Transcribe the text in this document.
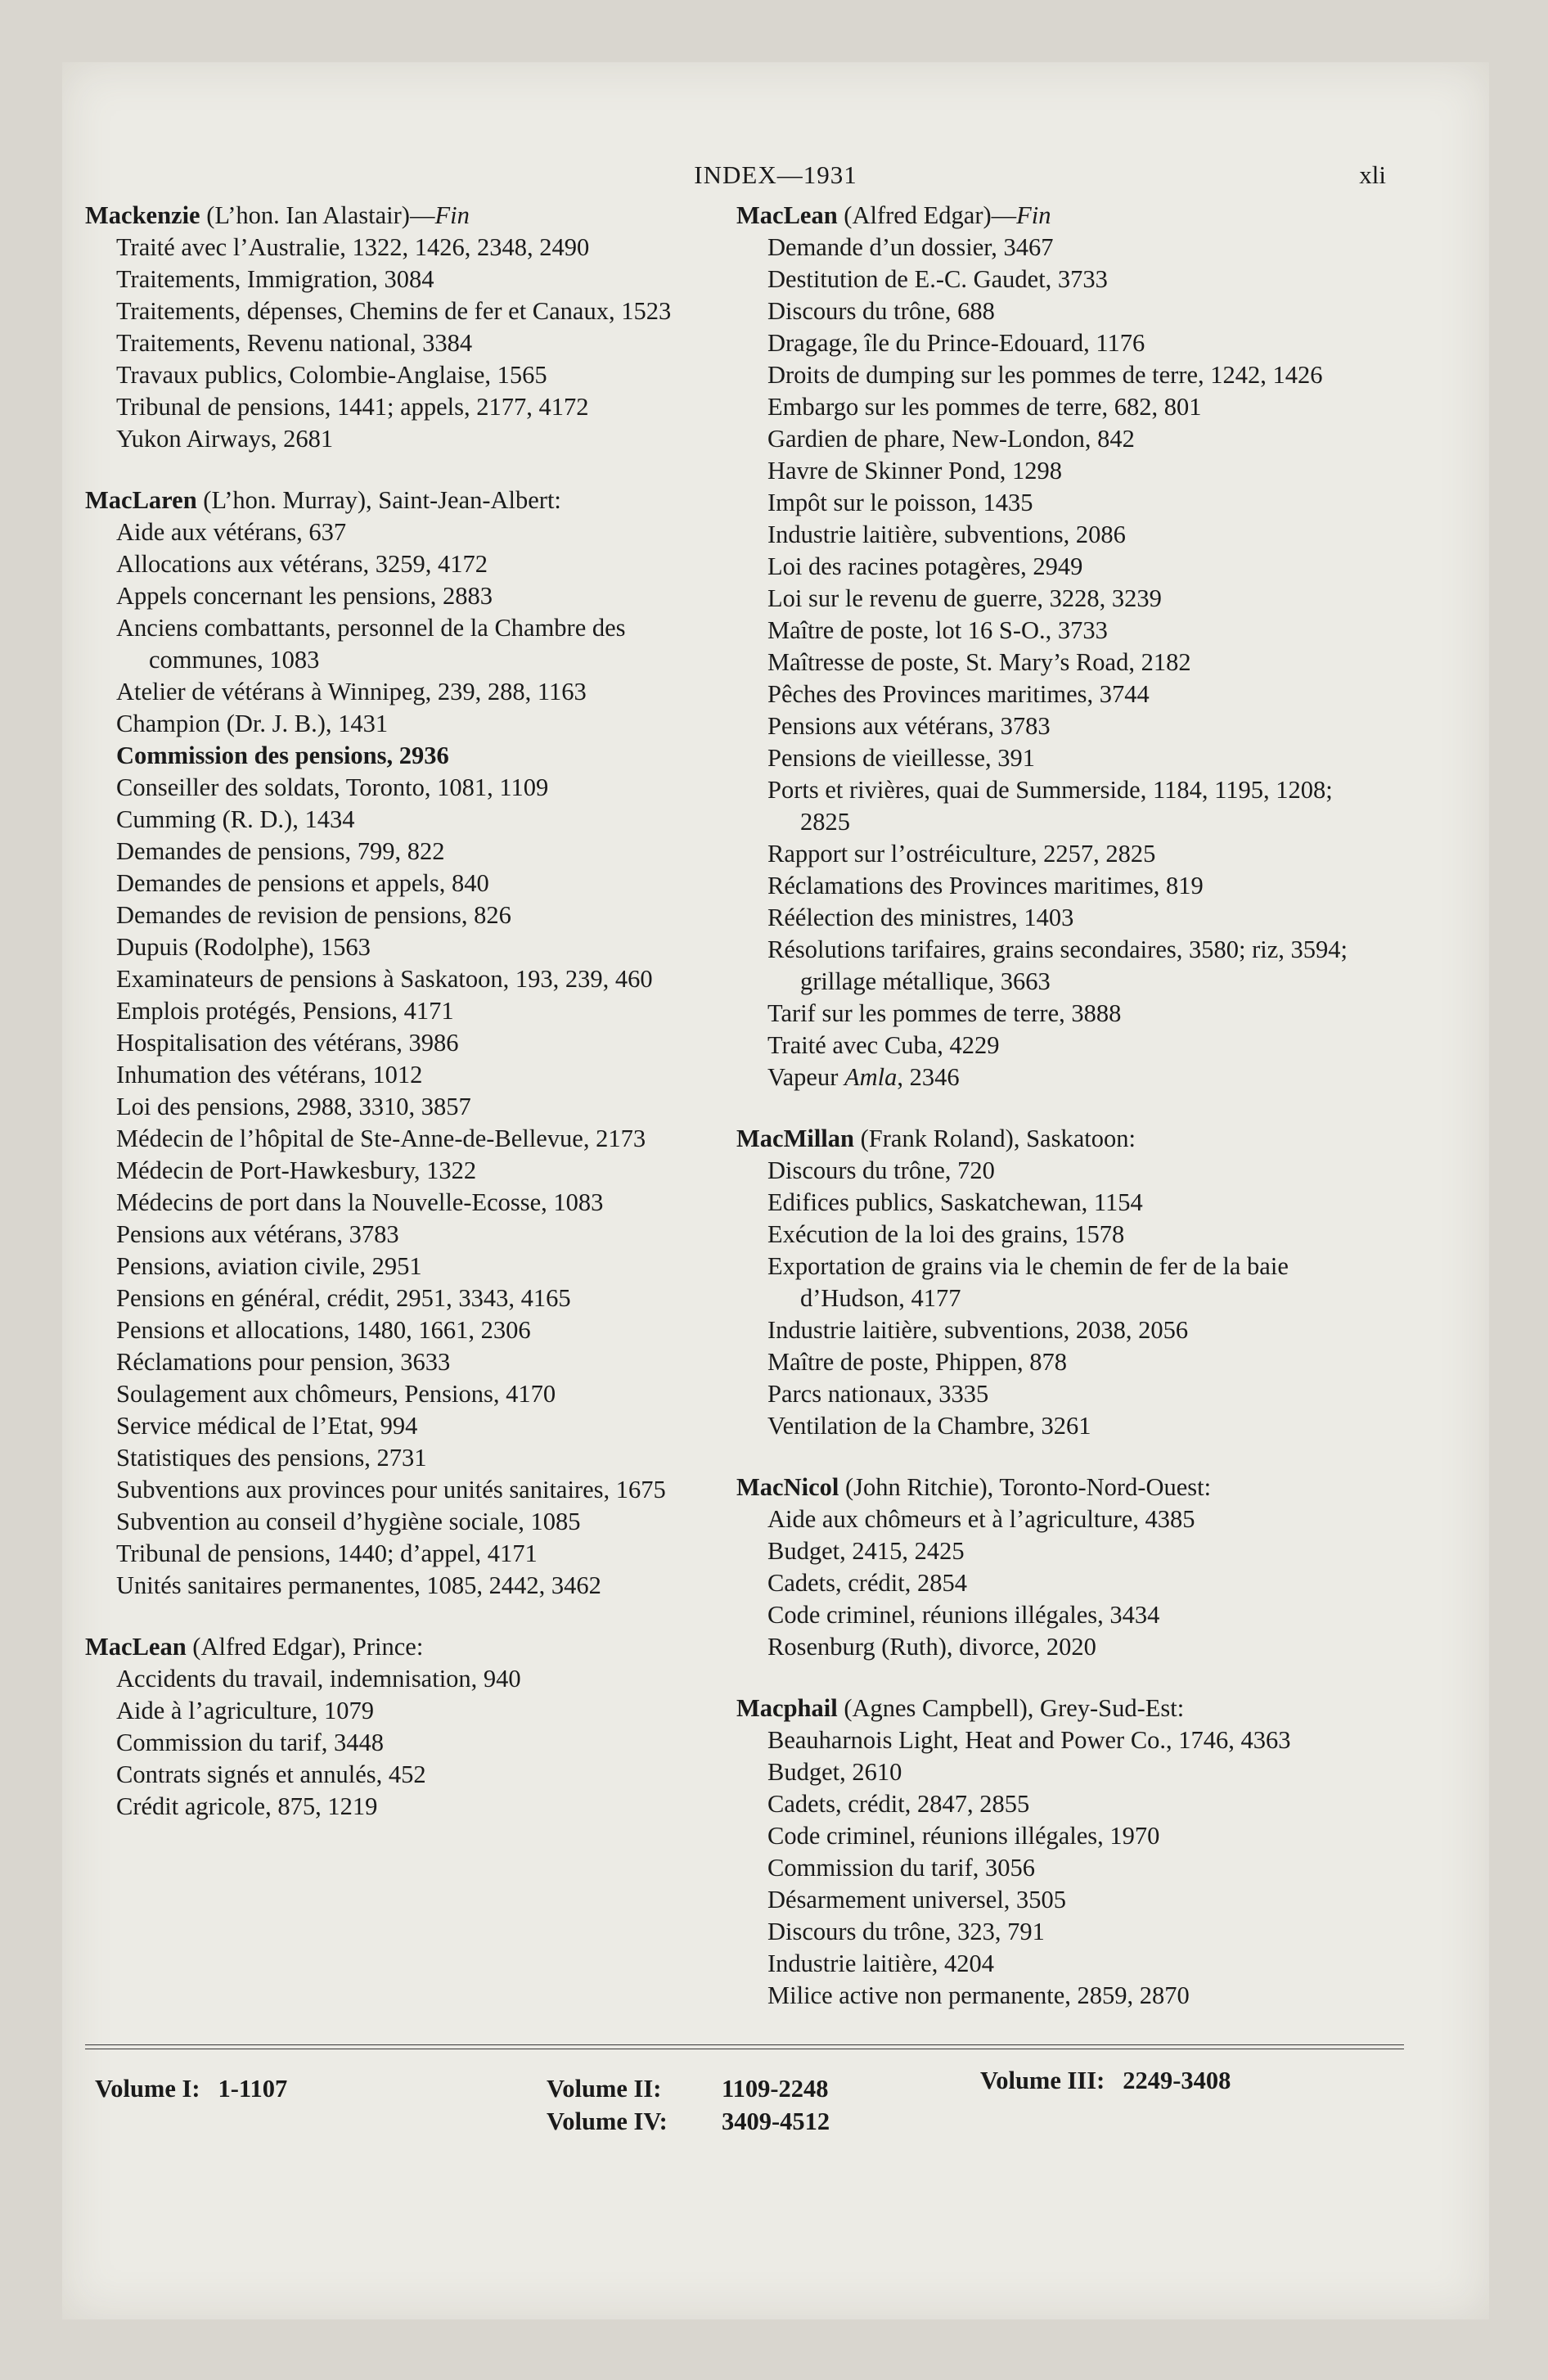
INDEX—1931	xli
Mackenzie (L’hon. Ian Alastair)—Fin
Traité avec l’Australie, 1322, 1426, 2348, 2490
Traitements, Immigration, 3084
Traitements, dépenses, Chemins de fer et Canaux, 1523
Traitements, Revenu national, 3384
Travaux publics, Colombie-Anglaise, 1565
Tribunal de pensions, 1441; appels, 2177, 4172
Yukon Airways, 2681
MacLaren (L’hon. Murray), Saint-Jean-Albert:
Aide aux vétérans, 637
Allocations aux vétérans, 3259, 4172
Appels concernant les pensions, 2883
Anciens combattants, personnel de la Chambre des communes, 1083
Atelier de vétérans à Winnipeg, 239, 288, 1163
Champion (Dr. J. B.), 1431
Commission des pensions, 2936
Conseiller des soldats, Toronto, 1081, 1109
Cumming (R. D.), 1434
Demandes de pensions, 799, 822
Demandes de pensions et appels, 840
Demandes de revision de pensions, 826
Dupuis (Rodolphe), 1563
Examinateurs de pensions à Saskatoon, 193, 239, 460
Emplois protégés, Pensions, 4171
Hospitalisation des vétérans, 3986
Inhumation des vétérans, 1012
Loi des pensions, 2988, 3310, 3857
Médecin de l’hôpital de Ste-Anne-de-Bellevue, 2173
Médecin de Port-Hawkesbury, 1322
Médecins de port dans la Nouvelle-Ecosse, 1083
Pensions aux vétérans, 3783
Pensions, aviation civile, 2951
Pensions en général, crédit, 2951, 3343, 4165
Pensions et allocations, 1480, 1661, 2306
Réclamations pour pension, 3633
Soulagement aux chômeurs, Pensions, 4170
Service médical de l’Etat, 994
Statistiques des pensions, 2731
Subventions aux provinces pour unités sanitaires, 1675
Subvention au conseil d’hygiène sociale, 1085
Tribunal de pensions, 1440; d’appel, 4171
Unités sanitaires permanentes, 1085, 2442, 3462
MacLean (Alfred Edgar), Prince:
Accidents du travail, indemnisation, 940
Aide à l’agriculture, 1079
Commission du tarif, 3448
Contrats signés et annulés, 452
Crédit agricole, 875, 1219
MacLean (Alfred Edgar)—Fin
Demande d’un dossier, 3467
Destitution de E.-C. Gaudet, 3733
Discours du trône, 688
Dragage, île du Prince-Edouard, 1176
Droits de dumping sur les pommes de terre, 1242, 1426
Embargo sur les pommes de terre, 682, 801
Gardien de phare, New-London, 842
Havre de Skinner Pond, 1298
Impôt sur le poisson, 1435
Industrie laitière, subventions, 2086
Loi des racines potagères, 2949
Loi sur le revenu de guerre, 3228, 3239
Maître de poste, lot 16 S-O., 3733
Maîtresse de poste, St. Mary’s Road, 2182
Pêches des Provinces maritimes, 3744
Pensions aux vétérans, 3783
Pensions de vieillesse, 391
Ports et rivières, quai de Summerside, 1184, 1195, 1208; 2825
Rapport sur l’ostréiculture, 2257, 2825
Réclamations des Provinces maritimes, 819
Réélection des ministres, 1403
Résolutions tarifaires, grains secondaires, 3580; riz, 3594; grillage métallique, 3663
Tarif sur les pommes de terre, 3888
Traité avec Cuba, 4229
Vapeur Amla, 2346
MacMillan (Frank Roland), Saskatoon:
Discours du trône, 720
Edifices publics, Saskatchewan, 1154
Exécution de la loi des grains, 1578
Exportation de grains via le chemin de fer de la baie d’Hudson, 4177
Industrie laitière, subventions, 2038, 2056
Maître de poste, Phippen, 878
Parcs nationaux, 3335
Ventilation de la Chambre, 3261
MacNicol (John Ritchie), Toronto-Nord-Ouest:
Aide aux chômeurs et à l’agriculture, 4385
Budget, 2415, 2425
Cadets, crédit, 2854
Code criminel, réunions illégales, 3434
Rosenburg (Ruth), divorce, 2020
Macphail (Agnes Campbell), Grey-Sud-Est:
Beauharnois Light, Heat and Power Co., 1746, 4363
Budget, 2610
Cadets, crédit, 2847, 2855
Code criminel, réunions illégales, 1970
Commission du tarif, 3056
Désarmement universel, 3505
Discours du trône, 323, 791
Industrie laitière, 4204
Milice active non permanente, 2859, 2870
Volume I: 1-1107	Volume II: 1109-2248
Volume IV: 3409-4512
Volume III: 2249-3408
